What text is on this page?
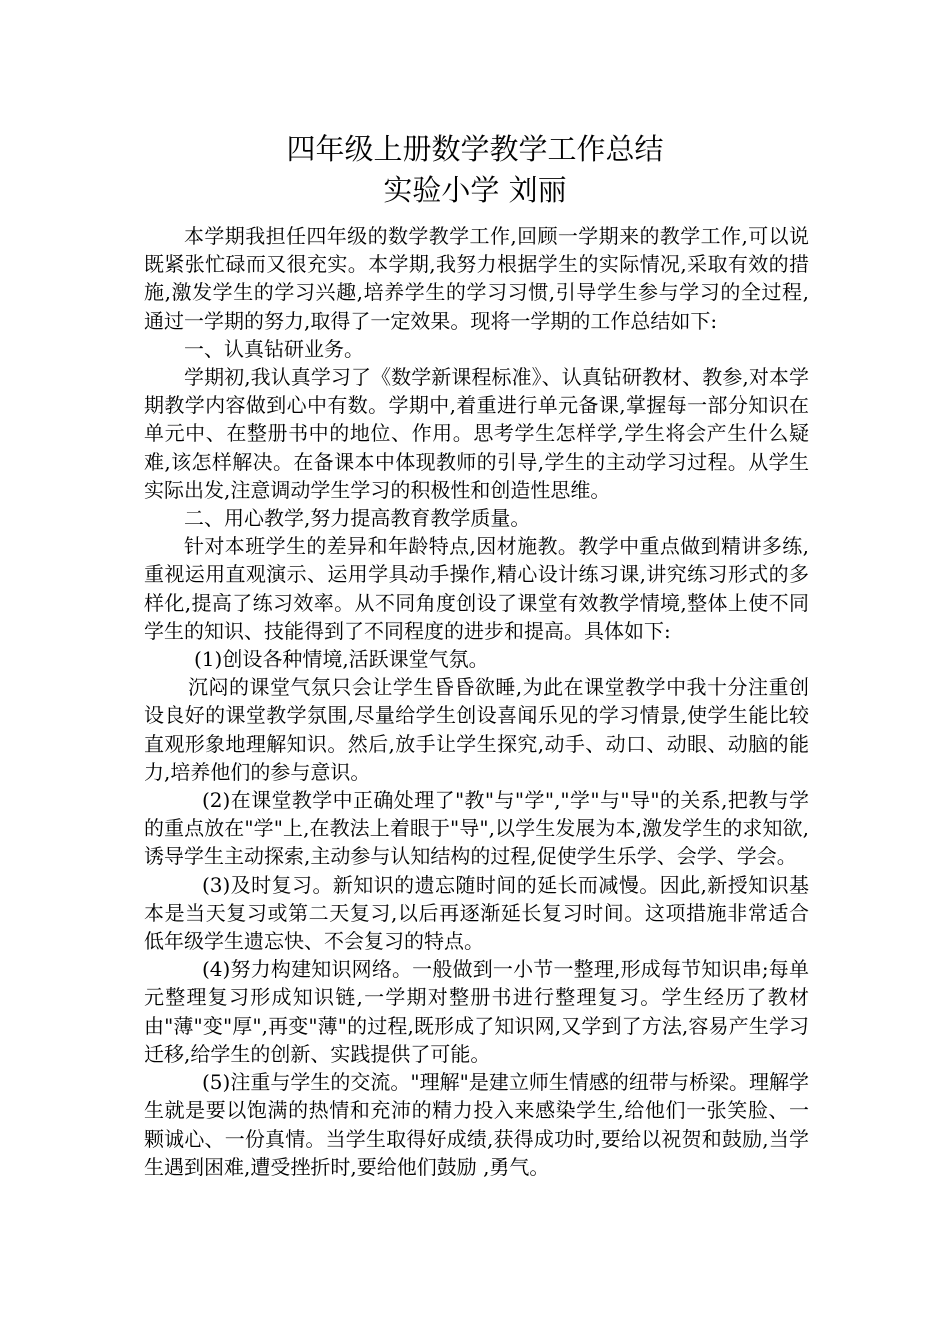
四年级上册数学教学工作总结
实验小学 刘丽

本学期我担任四年级的数学教学工作,回顾一学期来的教学工作,可以说既紧张忙碌而又很充实。本学期,我努力根据学生的实际情况,采取有效的措施,激发学生的学习兴趣,培养学生的学习习惯,引导学生参与学习的全过程,通过一学期的努力,取得了一定效果。现将一学期的工作总结如下:

一、认真钻研业务。

学期初,我认真学习了《数学新课程标准》、认真钻研教材、教参,对本学期教学内容做到心中有数。学期中,着重进行单元备课,掌握每一部分知识在单元中、在整册书中的地位、作用。思考学生怎样学,学生将会产生什么疑难,该怎样解决。在备课本中体现教师的引导,学生的主动学习过程。从学生实际出发,注意调动学生学习的积极性和创造性思维。

二、用心教学,努力提高教育教学质量。

针对本班学生的差异和年龄特点,因材施教。教学中重点做到精讲多练,重视运用直观演示、运用学具动手操作,精心设计练习课,讲究练习形式的多样化,提高了练习效率。从不同角度创设了课堂有效教学情境,整体上使不同学生的知识、技能得到了不同程度的进步和提高。具体如下:

(1)创设各种情境,活跃课堂气氛。

沉闷的课堂气氛只会让学生昏昏欲睡,为此在课堂教学中我十分注重创设良好的课堂教学氛围,尽量给学生创设喜闻乐见的学习情景,使学生能比较直观形象地理解知识。然后,放手让学生探究,动手、动口、动眼、动脑的能力,培养他们的参与意识。

(2)在课堂教学中正确处理了"教"与"学","学"与"导"的关系,把教与学的重点放在"学"上,在教法上着眼于"导",以学生发展为本,激发学生的求知欲,诱导学生主动探索,主动参与认知结构的过程,促使学生乐学、会学、学会。

(3)及时复习。新知识的遗忘随时间的延长而减慢。因此,新授知识基本是当天复习或第二天复习,以后再逐渐延长复习时间。这项措施非常适合低年级学生遗忘快、不会复习的特点。

(4)努力构建知识网络。一般做到一小节一整理,形成每节知识串;每单元整理复习形成知识链,一学期对整册书进行整理复习。学生经历了教材由"薄"变"厚",再变"薄"的过程,既形成了知识网,又学到了方法,容易产生学习迁移,给学生的创新、实践提供了可能。

(5)注重与学生的交流。"理解"是建立师生情感的纽带与桥梁。理解学生就是要以饱满的热情和充沛的精力投入来感染学生,给他们一张笑脸、一颗诚心、一份真情。当学生取得好成绩,获得成功时,要给以祝贺和鼓励,当学生遇到困难,遭受挫折时,要给他们鼓励 ,勇气。
